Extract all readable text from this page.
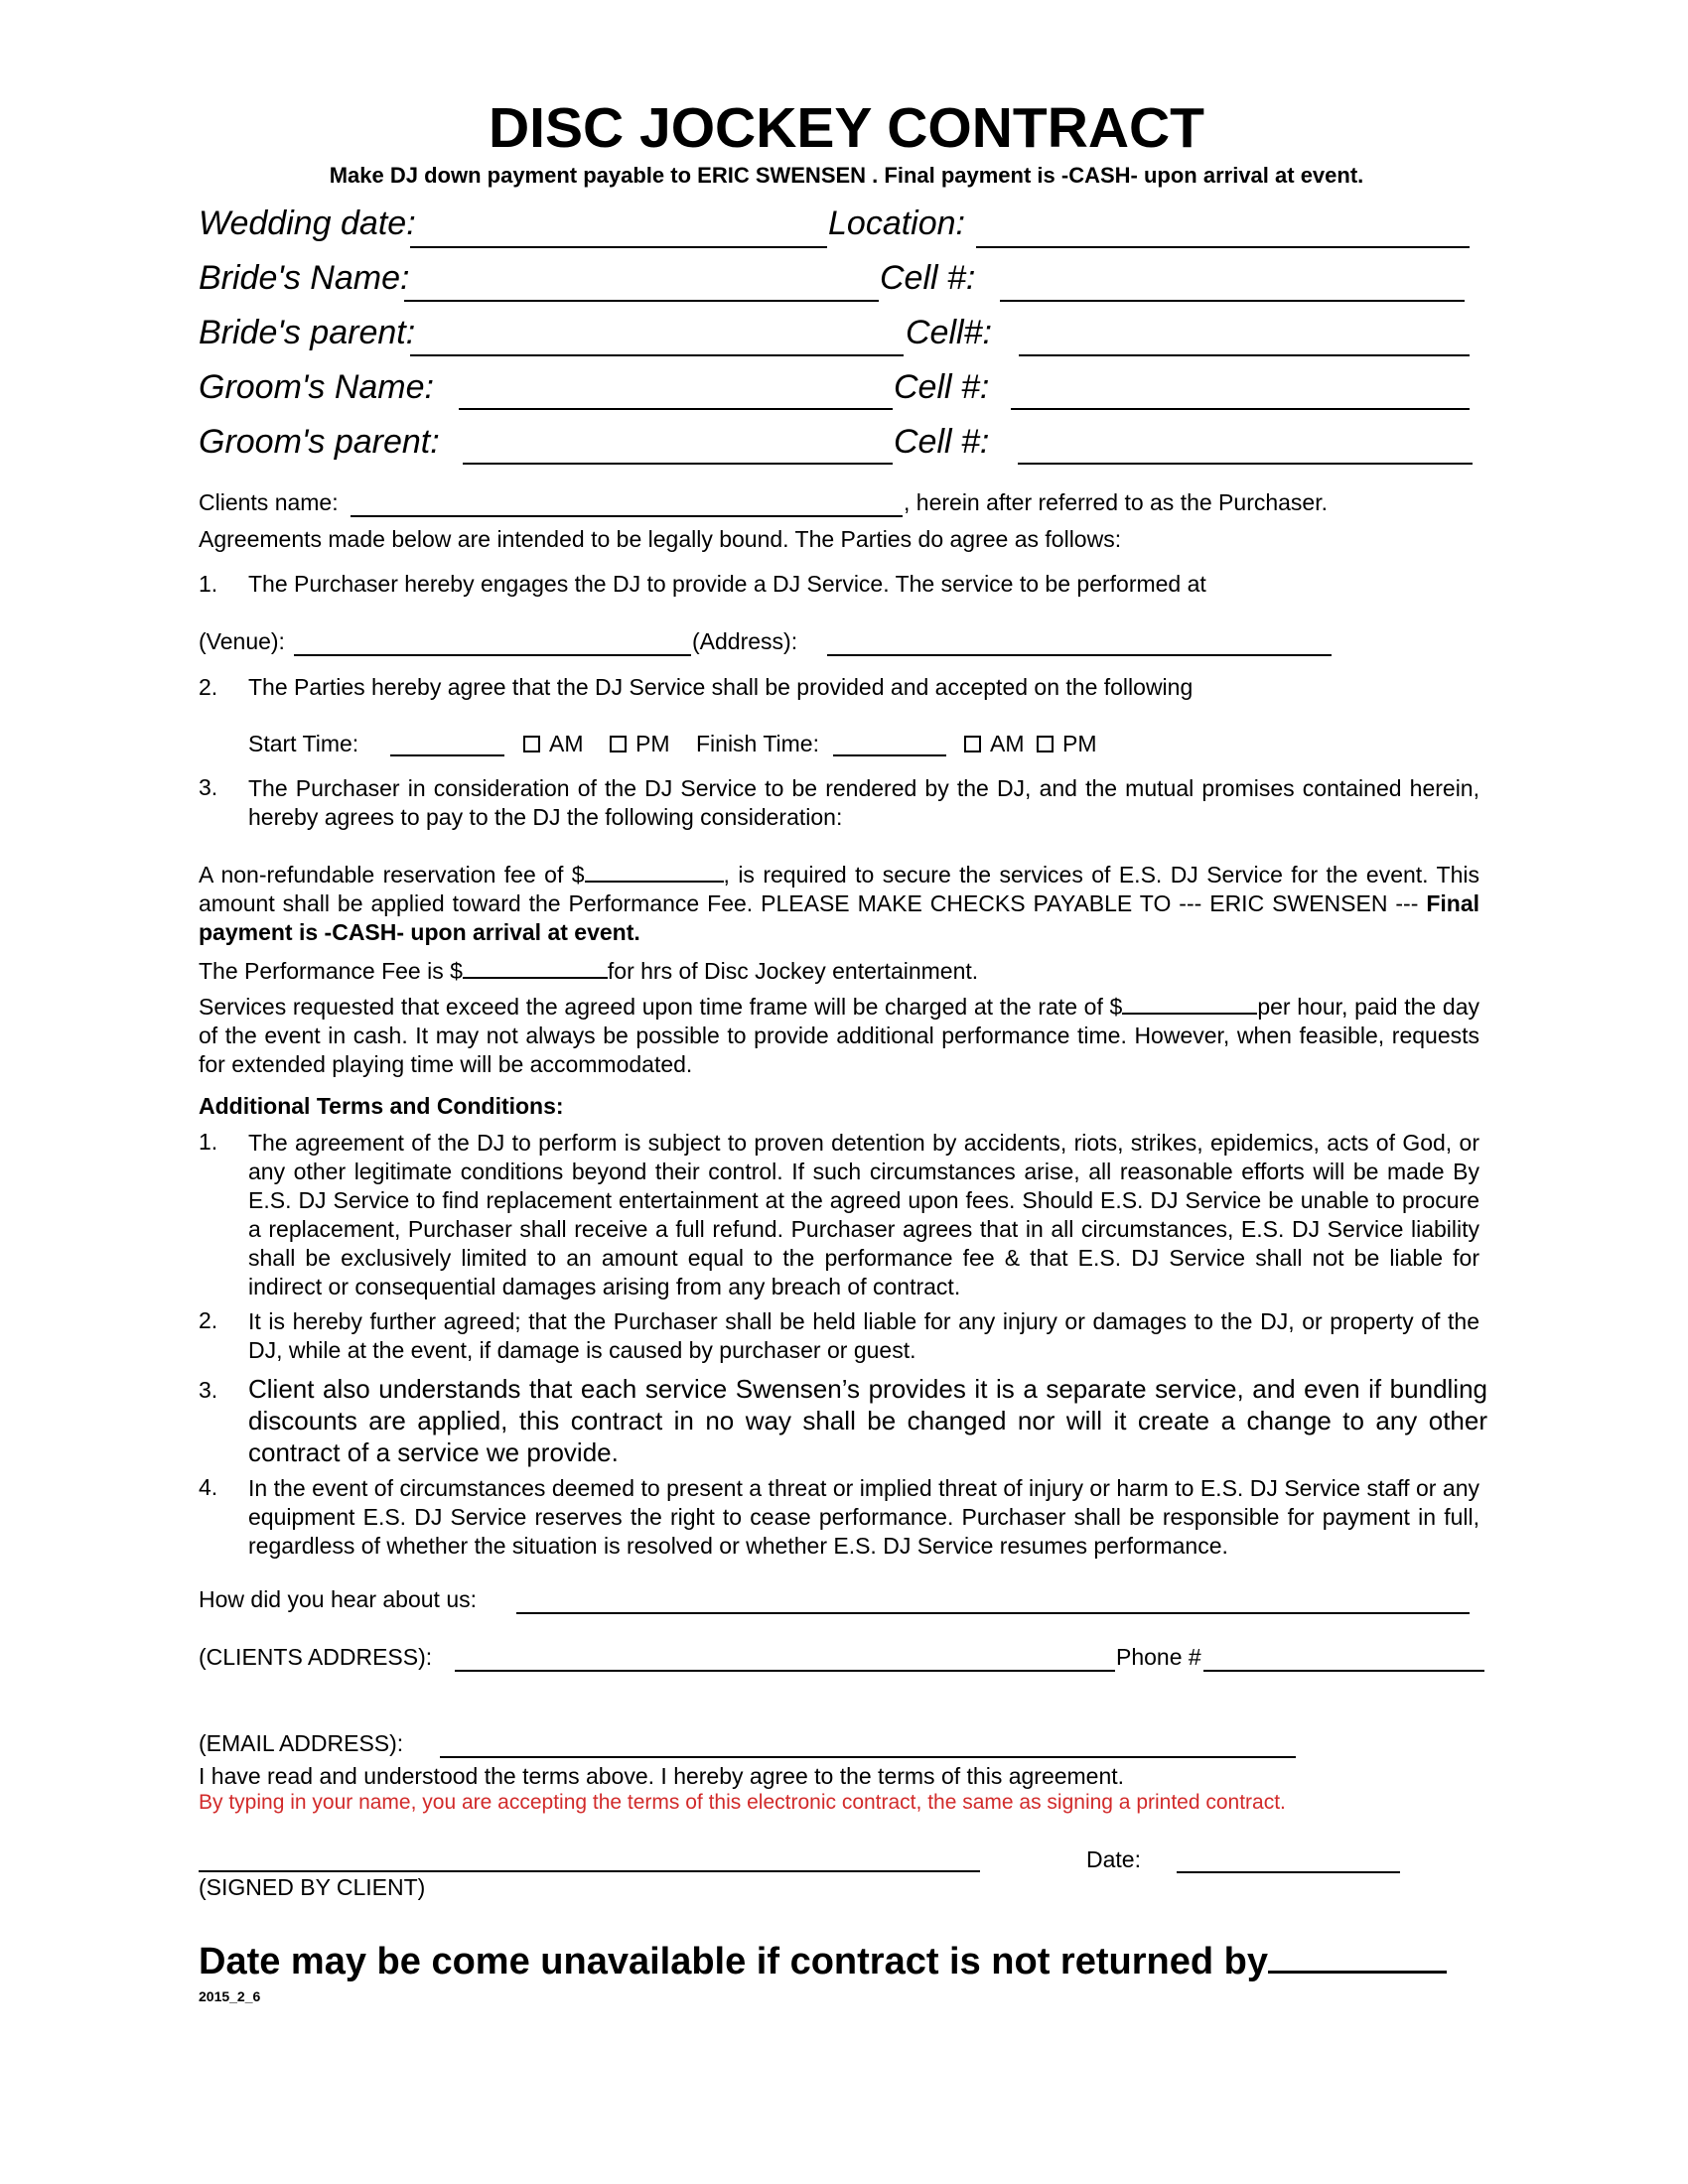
DISC JOCKEY CONTRACT
Make DJ down payment payable to ERIC SWENSEN . Final payment is -CASH- upon arrival at event.
Wedding date:	Location:
Bride's Name:	Cell #:
Bride's parent:	Cell#:
Groom's Name:	Cell #:
Groom's parent:	Cell #:
Clients name:	, herein after referred to as the Purchaser.
Agreements made below are intended to be legally bound. The Parties do agree as follows:
1. The Purchaser hereby engages the DJ to provide a DJ Service. The service to be performed at
(Venue):	(Address):
2. The Parties hereby agree that the DJ Service shall be provided and accepted on the following
Start Time:	AM PM Finish Time:	AM PM
3. The Purchaser in consideration of the DJ Service to be rendered by the DJ, and the mutual promises contained herein, hereby agrees to pay to the DJ the following consideration:
A non-refundable reservation fee of $	, is required to secure the services of E.S. DJ Service for the event. This amount shall be applied toward the Performance Fee. PLEASE MAKE CHECKS PAYABLE TO --- ERIC SWENSEN --- Final payment is -CASH- upon arrival at event.
The Performance Fee is $	for hrs of Disc Jockey entertainment.
Services requested that exceed the agreed upon time frame will be charged at the rate of $	per hour, paid the day of the event in cash. It may not always be possible to provide additional performance time. However, when feasible, requests for extended playing time will be accommodated.
Additional Terms and Conditions:
1. The agreement of the DJ to perform is subject to proven detention by accidents, riots, strikes, epidemics, acts of God, or any other legitimate conditions beyond their control. If such circumstances arise, all reasonable efforts will be made By E.S. DJ Service to find replacement entertainment at the agreed upon fees. Should E.S. DJ Service be unable to procure a replacement, Purchaser shall receive a full refund. Purchaser agrees that in all circumstances, E.S. DJ Service liability shall be exclusively limited to an amount equal to the performance fee & that E.S. DJ Service shall not be liable for indirect or consequential damages arising from any breach of contract.
2. It is hereby further agreed; that the Purchaser shall be held liable for any injury or damages to the DJ, or property of the DJ, while at the event, if damage is caused by purchaser or guest.
3. Client also understands that each service Swensen’s provides it is a separate service, and even if bundling discounts are applied, this contract in no way shall be changed nor will it create a change to any other contract of a service we provide.
4. In the event of circumstances deemed to present a threat or implied threat of injury or harm to E.S. DJ Service staff or any equipment E.S. DJ Service reserves the right to cease performance. Purchaser shall be responsible for payment in full, regardless of whether the situation is resolved or whether E.S. DJ Service resumes performance.
How did you hear about us:
(CLIENTS ADDRESS):	Phone #
(EMAIL ADDRESS):
I have read and understood the terms above. I hereby agree to the terms of this agreement.
By typing in your name, you are accepting the terms of this electronic contract, the same as signing a printed contract.
Date:
(SIGNED BY CLIENT)
Date may be come unavailable if contract is not returned by
2015_2_6
